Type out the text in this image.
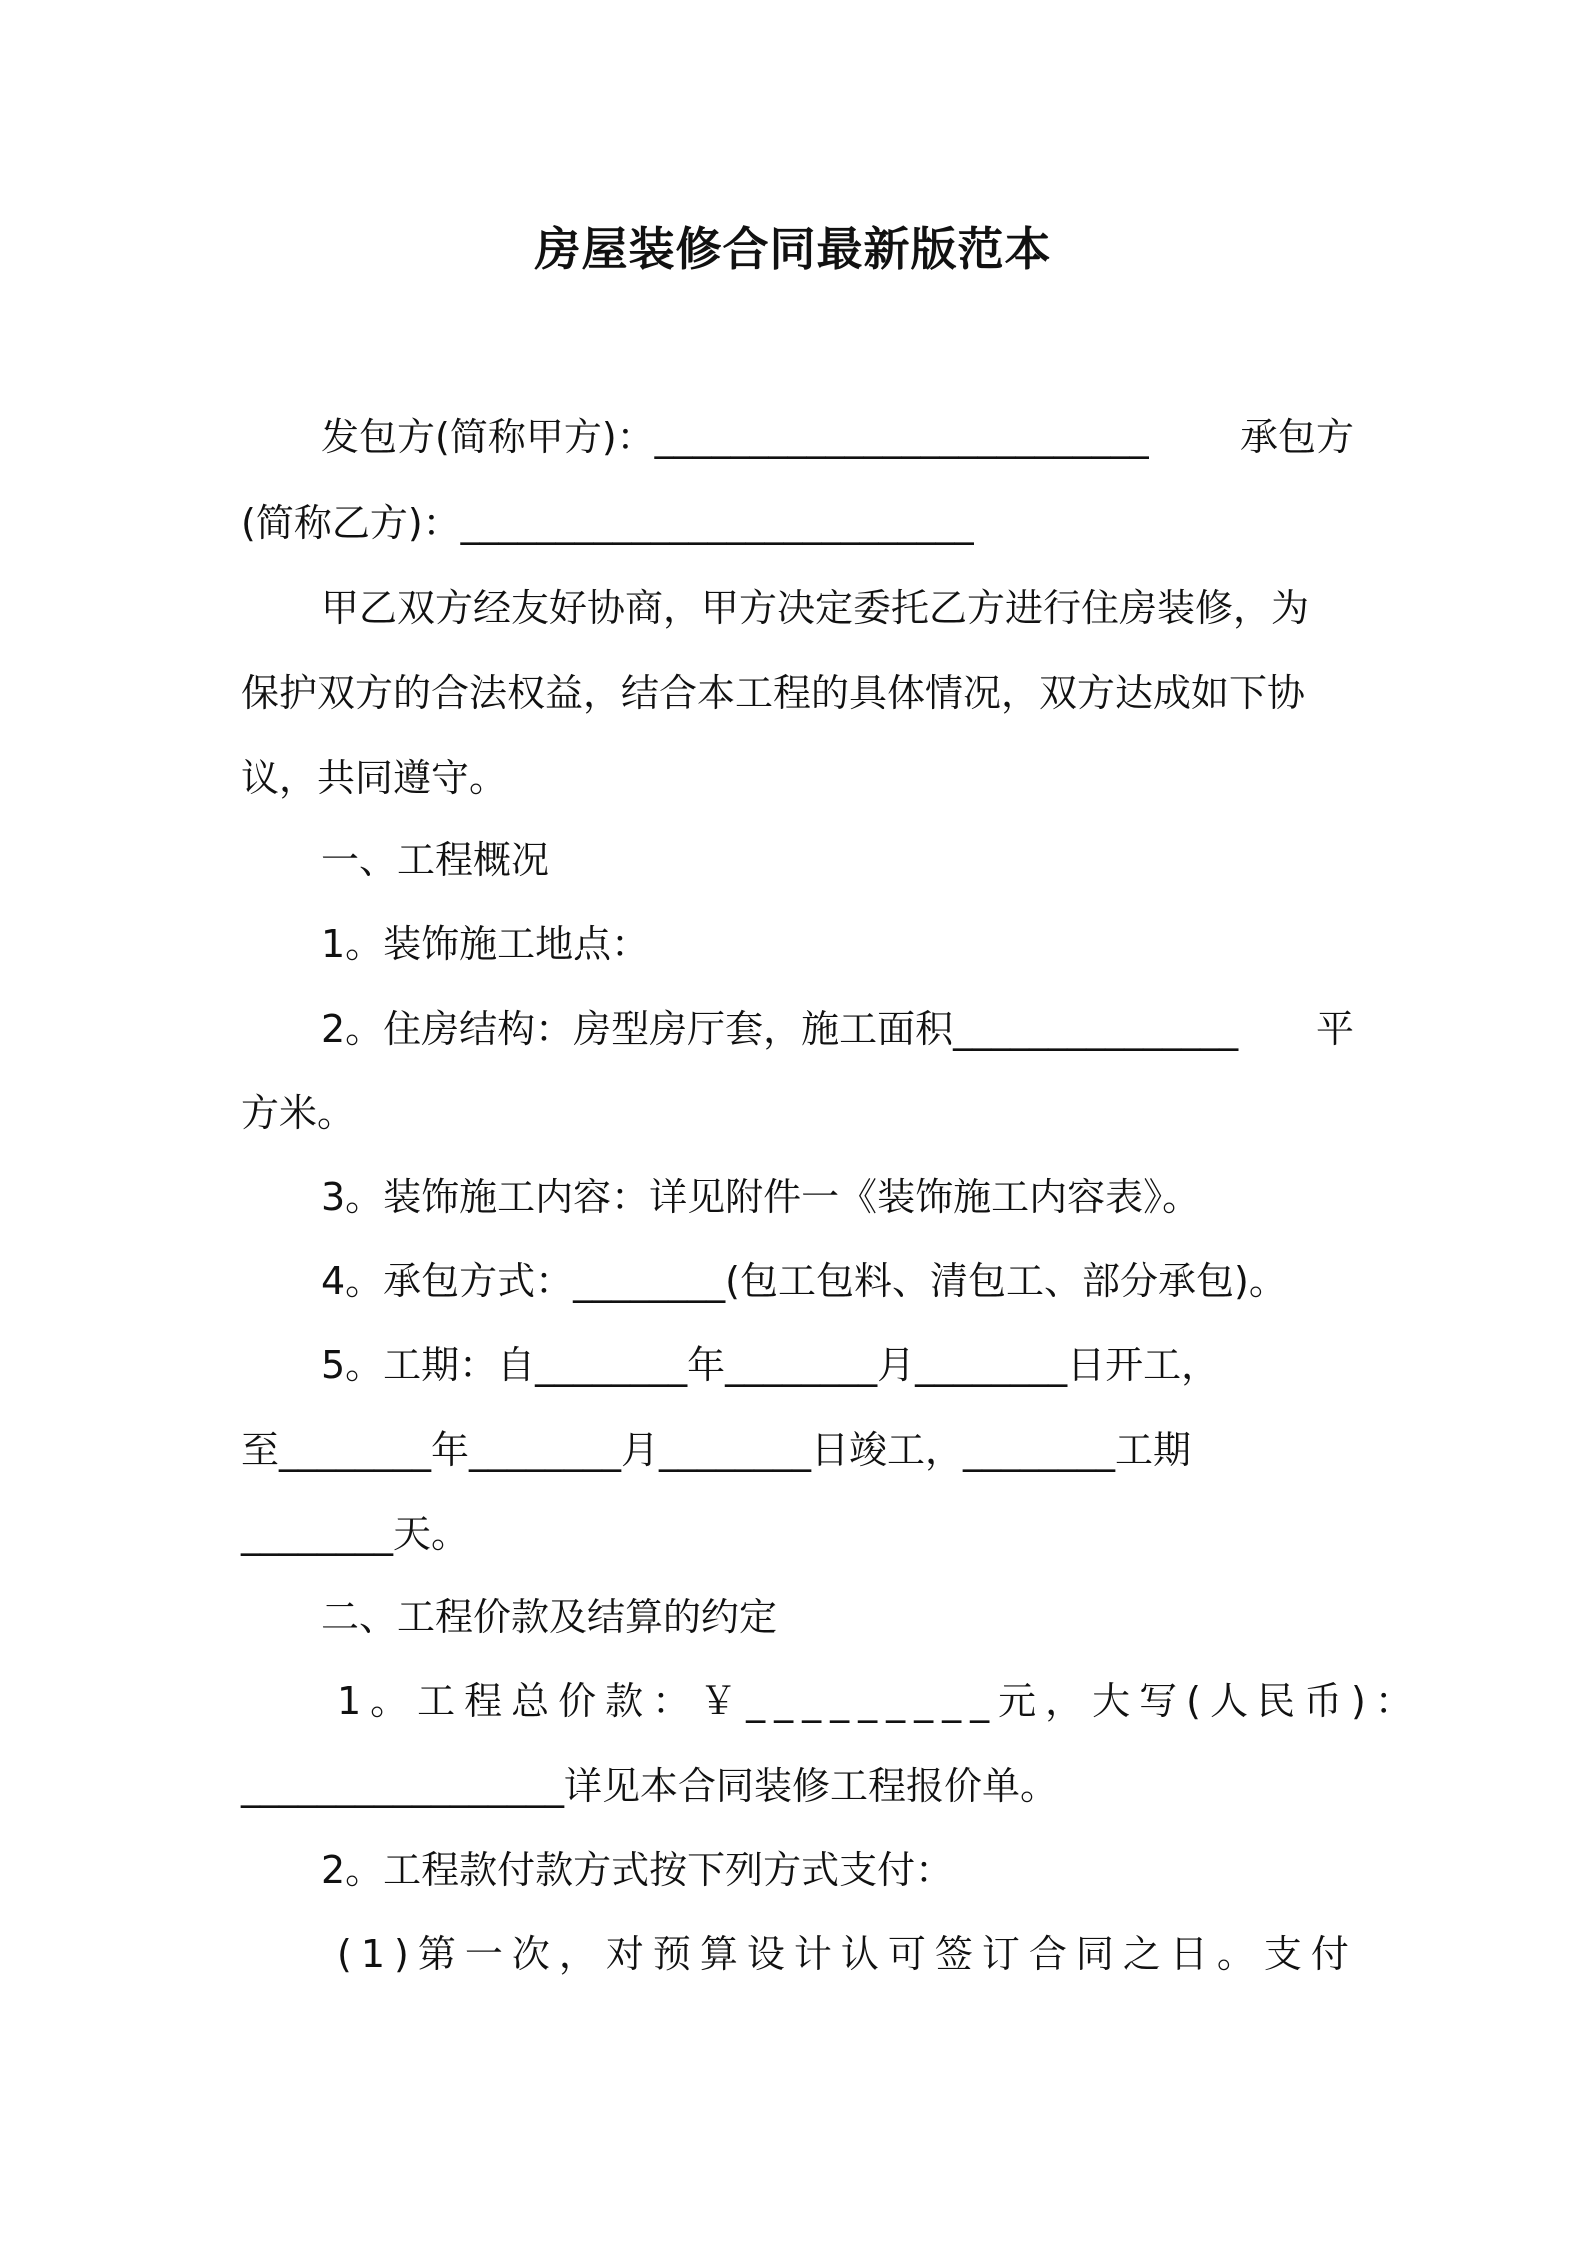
房屋装修合同最新版范本
发包方(简称甲方)：__________________________ 承包方
(简称乙方)：___________________________
甲乙双方经友好协商，甲方决定委托乙方进行住房装修，为
保护双方的合法权益，结合本工程的具体情况，双方达成如下协
议，共同遵守。
一、工程概况
1。装饰施工地点：
2。住房结构：房型房厅套，施工面积_______________ 平
方米。
3。装饰施工内容：详见附件一《装饰施工内容表》。
4。承包方式：________(包工包料、清包工、部分承包)。
5。工期：自________年________月________日开工，
至________年________月________日竣工，________工期
________天。
二、工程价款及结算的约定
1。工程总价款：￥_________元，大写(人民币)：
_________________详见本合同装修工程报价单。
2。工程款付款方式按下列方式支付：
(1)第一次，对预算设计认可签订合同之日。支付
